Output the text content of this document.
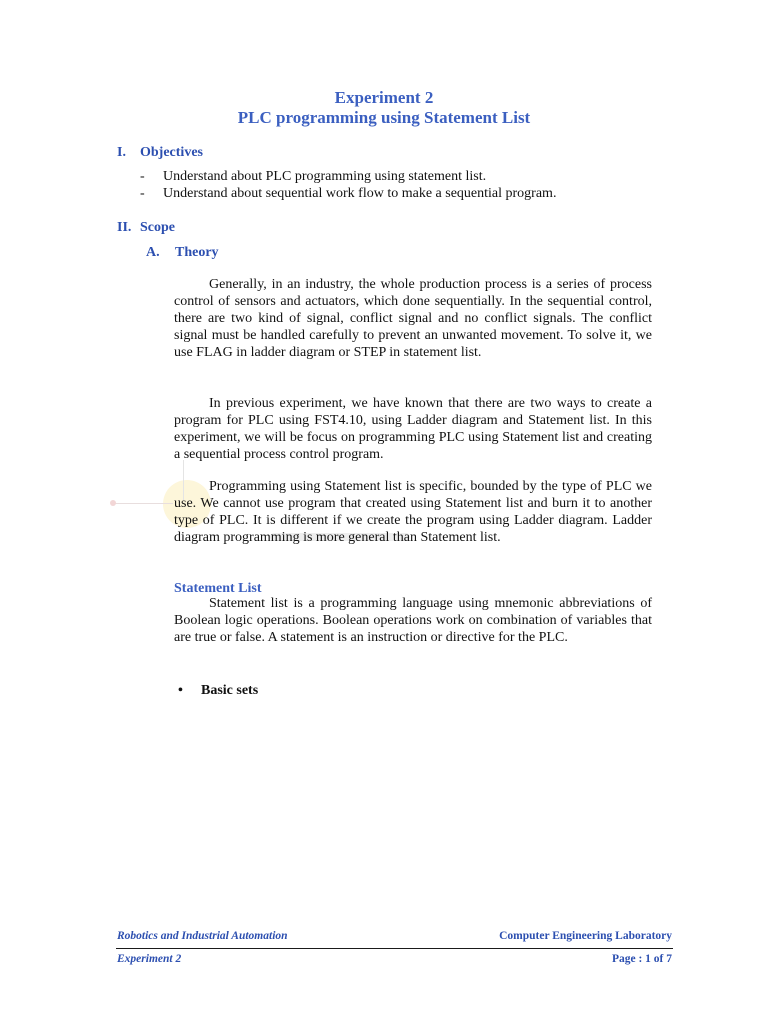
Experiment 2
PLC programming using Statement List
I. Objectives
- Understand about PLC programming using statement list.
- Understand about sequential work flow to make a sequential program.
II. Scope
A. Theory

Generally, in an industry, the whole production process is a series of process control of sensors and actuators, which done sequentially. In the sequential control, there are two kind of signal, conflict signal and no conflict signals. The conflict signal must be handled carefully to prevent an unwanted movement. To solve it, we use FLAG in ladder diagram or STEP in statement list.

In previous experiment, we have known that there are two ways to create a program for PLC using FST4.10, using Ladder diagram and Statement list. In this experiment, we will be focus on programming PLC using Statement list and creating a sequential process control program.

Programming using Statement list is specific, bounded by the type of PLC we use. We cannot use program that created using Statement list and burn it to another type of PLC. It is different if we create the program using Ladder diagram. Ladder diagram programming is more general than Statement list.

Statement List

Statement list is a programming language using mnemonic abbreviations of Boolean logic operations. Boolean operations work on combination of variables that are true or false. A statement is an instruction or directive for the PLC.

• Basic sets
Robotics and Industrial Automation	Computer Engineering Laboratory
Experiment 2	Page : 1 of 7
